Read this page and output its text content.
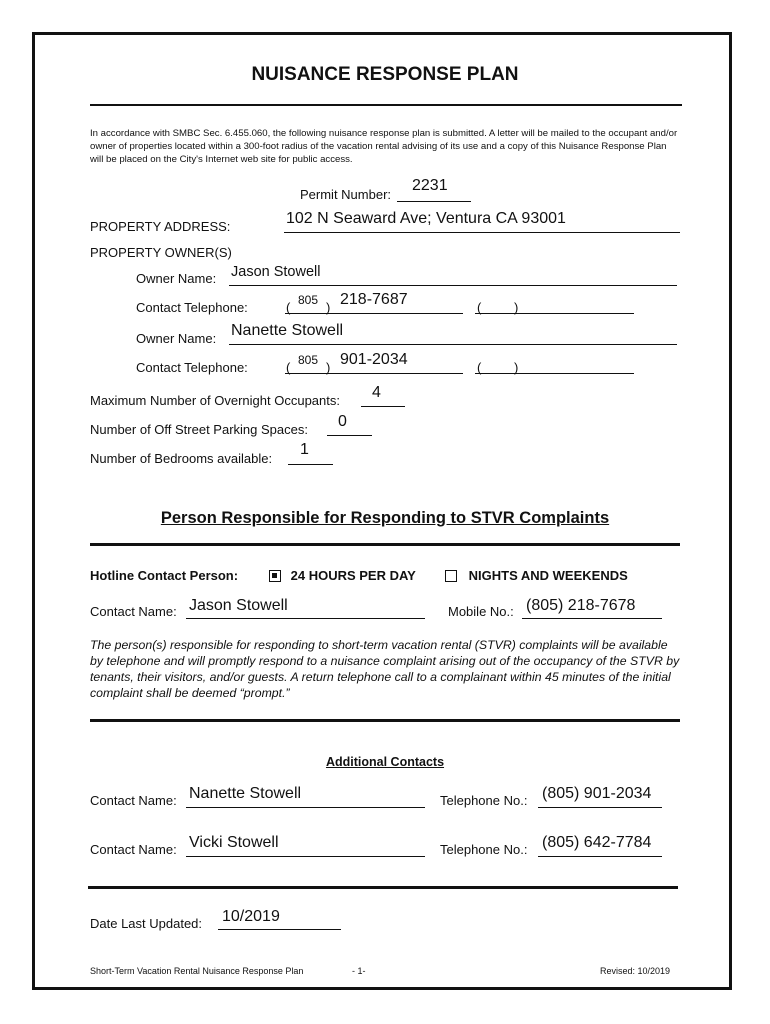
NUISANCE RESPONSE PLAN
In accordance with SMBC Sec. 6.455.060, the following nuisance response plan is submitted. A letter will be mailed to the occupant and/or owner of properties located within a 300-foot radius of the vacation rental advising of its use and a copy of this Nuisance Response Plan will be placed on the City's Internet web site for public access.
Permit Number:
2231
PROPERTY ADDRESS:	102 N Seaward Ave; Ventura CA 93001
PROPERTY OWNER(S)
Owner Name: Jason Stowell
Contact Telephone:	( 805 ) 218-7687	(	)
Owner Name: Nanette Stowell
Contact Telephone:	( 805 ) 901-2034	(	)
Maximum Number of Overnight Occupants: 4
Number of Off Street Parking Spaces: 0
Number of Bedrooms available:
1
Person Responsible for Responding to STVR Complaints
Hotline Contact Person:	24 HOURS PER DAY	NIGHTS AND WEEKENDS
Contact Name: Jason Stowell	Mobile No.: (805) 218-7678
The person(s) responsible for responding to short-term vacation rental (STVR) complaints will be available by telephone and will promptly respond to a nuisance complaint arising out of the occupancy of the STVR by tenants, their visitors, and/or guests. A return telephone call to a complainant within 45 minutes of the initial complaint shall be deemed “prompt.”
Additional Contacts
Contact Name: Nanette Stowell	Telephone No.: (805) 901-2034
Contact Name: Vicki Stowell	Telephone No.: (805) 642-7784
Date Last Updated: 10/2019
Short-Term Vacation Rental Nuisance Response Plan	- 1-	Revised: 10/2019
